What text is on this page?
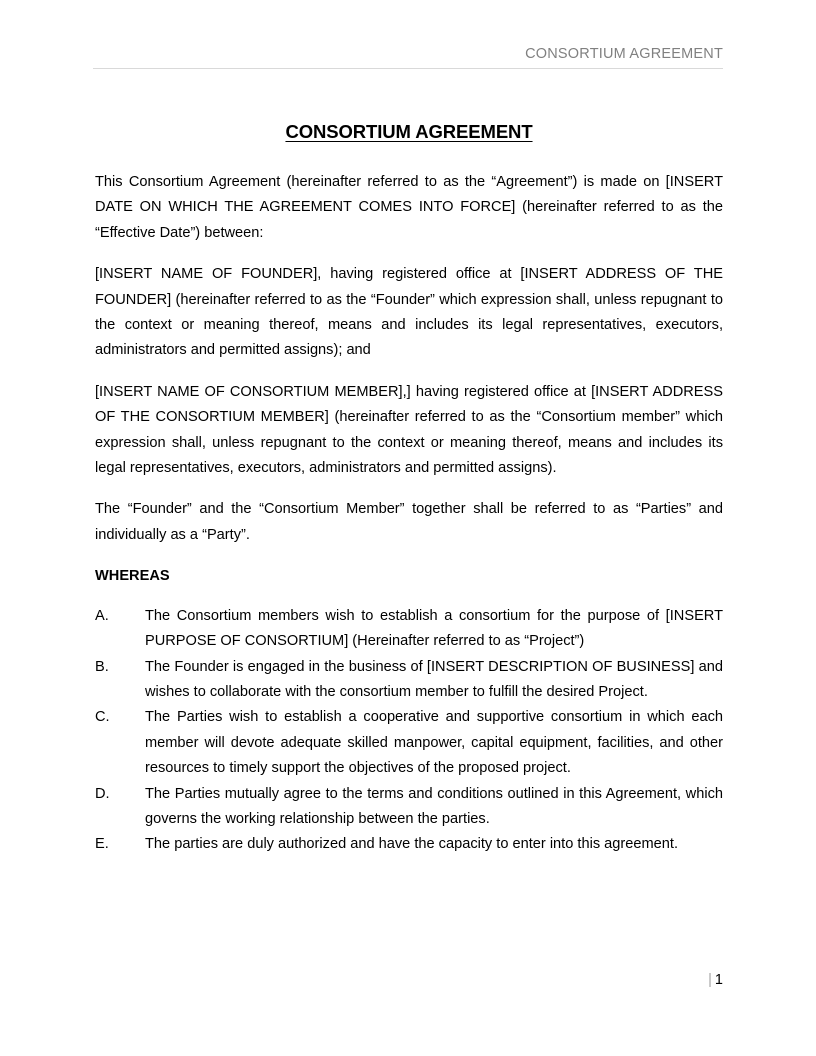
CONSORTIUM AGREEMENT
CONSORTIUM AGREEMENT

This Consortium Agreement (hereinafter referred to as the “Agreement”) is made on [INSERT DATE ON WHICH THE AGREEMENT COMES INTO FORCE] (hereinafter referred to as the “Effective Date”) between:

[INSERT NAME OF FOUNDER], having registered office at [INSERT ADDRESS OF THE FOUNDER] (hereinafter referred to as the “Founder” which expression shall, unless repugnant to the context or meaning thereof, means and includes its legal representatives, executors, administrators and permitted assigns); and

[INSERT NAME OF CONSORTIUM MEMBER],] having registered office at [INSERT ADDRESS OF THE CONSORTIUM MEMBER] (hereinafter referred to as the “Consortium member” which expression shall, unless repugnant to the context or meaning thereof, means and includes its legal representatives, executors, administrators and permitted assigns).

The “Founder” and the “Consortium Member” together shall be referred to as “Parties” and individually as a “Party”.

WHEREAS
A.	The Consortium members wish to establish a consortium for the purpose of [INSERT PURPOSE OF CONSORTIUM] (Hereinafter referred to as “Project”)
B.	The Founder is engaged in the business of [INSERT DESCRIPTION OF BUSINESS] and wishes to collaborate with the consortium member to fulfill the desired Project.
C.	The Parties wish to establish a cooperative and supportive consortium in which each member will devote adequate skilled manpower, capital equipment, facilities, and other resources to timely support the objectives of the proposed project.
D.	The Parties mutually agree to the terms and conditions outlined in this Agreement, which governs the working relationship between the parties.
E.	The parties are duly authorized and have the capacity to enter into this agreement.
| 1
